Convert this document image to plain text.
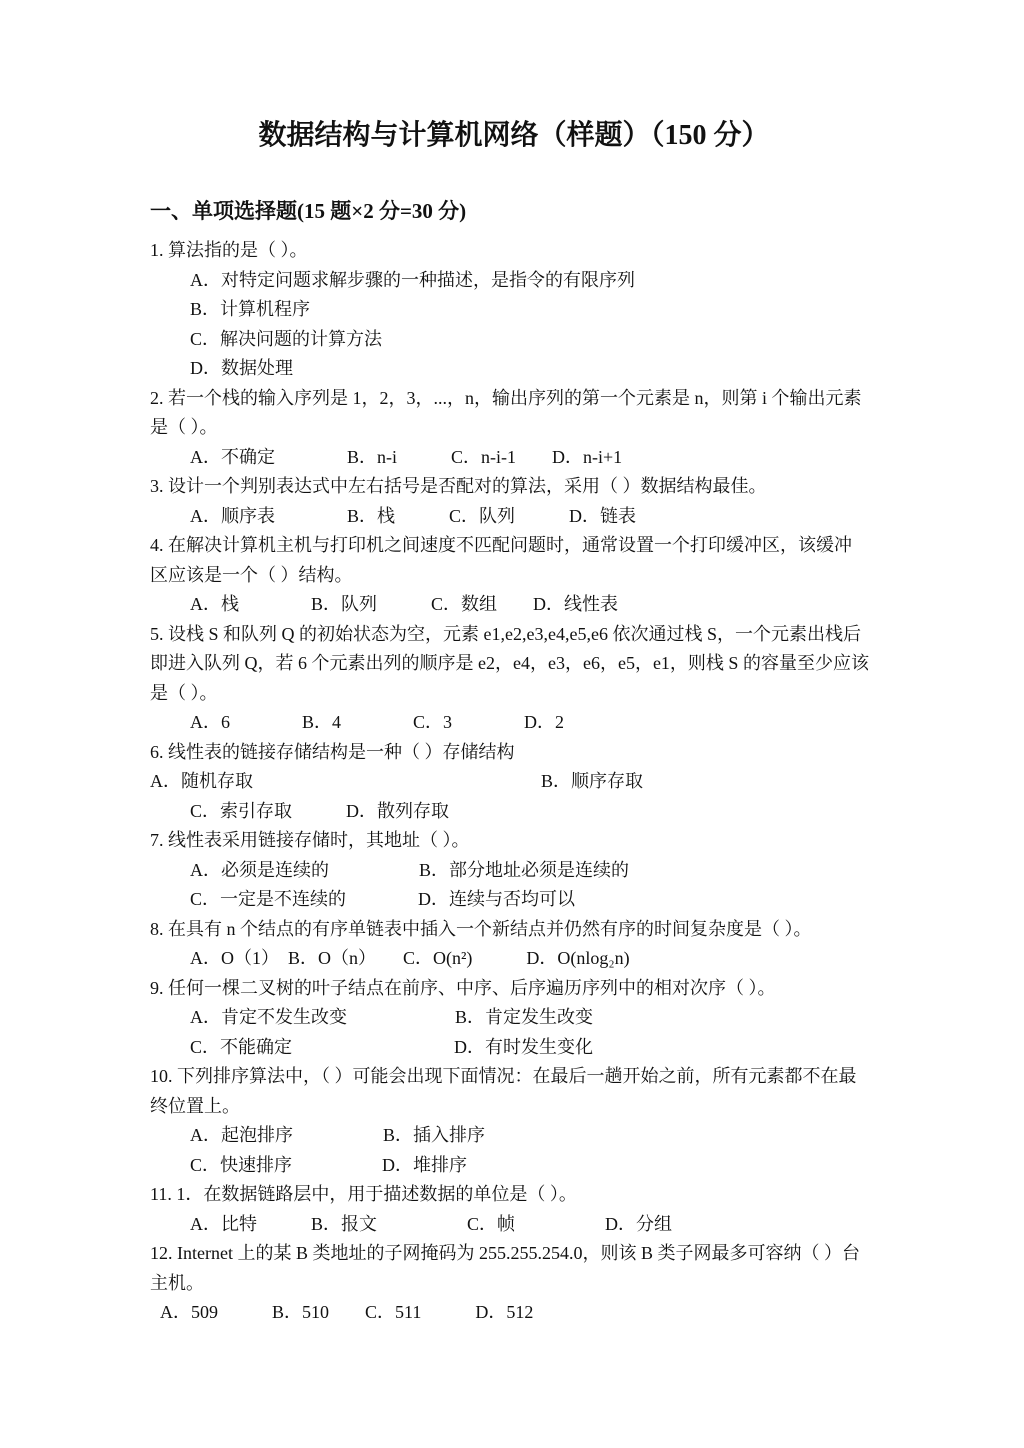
数据结构与计算机网络（样题）（150 分）
一、单项选择题(15 题×2 分=30 分)

1. 算法指的是（ ）。

A．对特定问题求解步骤的一种描述，是指令的有限序列

B．计算机程序

C．解决问题的计算方法

D．数据处理

2. 若一个栈的输入序列是 1，2，3，...，n，输出序列的第一个元素是 n，则第 i 个输出元素

是（ ）。

A．不确定　　　　B．n-i　　　C．n-i-1　　D．n-i+1

3. 设计一个判别表达式中左右括号是否配对的算法，采用（ ）数据结构最佳。

A．顺序表　　　　B．栈　　　C．队列　　　D．链表

4. 在解决计算机主机与打印机之间速度不匹配问题时，通常设置一个打印缓冲区，该缓冲

区应该是一个（ ）结构。

A．栈　　　　B．队列　　　C．数组　　D．线性表

5. 设栈 S 和队列 Q 的初始状态为空，元素 e1,e2,e3,e4,e5,e6 依次通过栈 S，一个元素出栈后

即进入队列 Q，若 6 个元素出列的顺序是 e2，e4，e3，e6，e5，e1，则栈 S 的容量至少应该

是（ ）。

A．6　　　　B．4　　　　C．3　　　　D．2

6. 线性表的链接存储结构是一种（ ）存储结构

A．随机存取　　　　　　　　　　　　　　　　B．顺序存取

C．索引存取　　　D．散列存取

7. 线性表采用链接存储时，其地址（ ）。

A．必须是连续的　　　　　B．部分地址必须是连续的

C．一定是不连续的　　　　D．连续与否均可以

8. 在具有 n 个结点的有序单链表中插入一个新结点并仍然有序的时间复杂度是（ ）。

A．O（1）　B．O（n）　　C．O(n²)　　　D．O(nlog₂n)

9. 任何一棵二叉树的叶子结点在前序、中序、后序遍历序列中的相对次序（ ）。

A．肯定不发生改变　　　　　　B．肯定发生改变

C．不能确定　　　　　　　　　D．有时发生变化

10. 下列排序算法中，（ ）可能会出现下面情况：在最后一趟开始之前，所有元素都不在最

终位置上。

A．起泡排序　　　　　B．插入排序

C．快速排序　　　　　D．堆排序

11. 1．在数据链路层中，用于描述数据的单位是（ ）。

A．比特　　　B．报文　　　　　C．帧　　　　　D．分组

12. Internet 上的某 B 类地址的子网掩码为 255.255.254.0，则该 B 类子网最多可容纳（ ）台

主机。

A．509　　　B．510　　C．511　　　D．512
